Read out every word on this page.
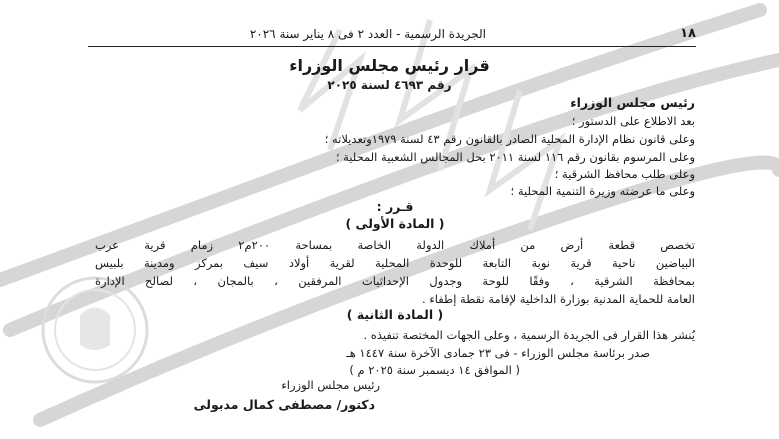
١٨
الجريدة الرسمية - العدد ٢ فى ٨ يناير سنة ٢٠٢٦
قرار رئيس مجلس الوزراء
رقم ٤٦٩٣ لسنة ٢٠٢٥
رئيس مجلس الوزراء
بعد الاطلاع على الدستور ؛
وعلى قانون نظام الإدارة المحلية الصادر بالقانون رقم ٤٣ لسنة ١٩٧٩وتعديلاته ؛
وعلى المرسوم بقانون رقم ١١٦ لسنة ٢٠١١ بحل المجالس الشعبية المحلية ؛
وعلى طلب محافظ الشرقية ؛
وعلى ما عرضته وزيرة التنمية المحلية ؛
قـرر :
( المادة الأولى )
تخصص قطعة أرض من أملاك الدولة الخاصة بمساحة ٢٠٠م٢ زمام قرية عرب
البياضين ناحية قرية نوبة التابعة للوحدة المحلية لقرية أولاد سيف بمركز ومدينة بلبيس
بمحافظة الشرقية ، وفقًا للوحة وجدول الإحداثيات المرفقين ، بالمجان ، لصالح الإدارة
العامة للحماية المدنية بوزارة الداخلية لإقامة نقطة إطفاء .
( المادة الثانية )
يُنشر هذا القرار فى الجريدة الرسمية ، وعلى الجهات المختصة تنفيذه .
صدر برئاسة مجلس الوزراء - فى ٢٣ جمادى الآخرة سنة ١٤٤٧ هـ
( الموافق ١٤ ديسمبر سنة ٢٠٢٥ م )
رئيس مجلس الوزراء
دكتور/ مصطفى كمال مدبولى
